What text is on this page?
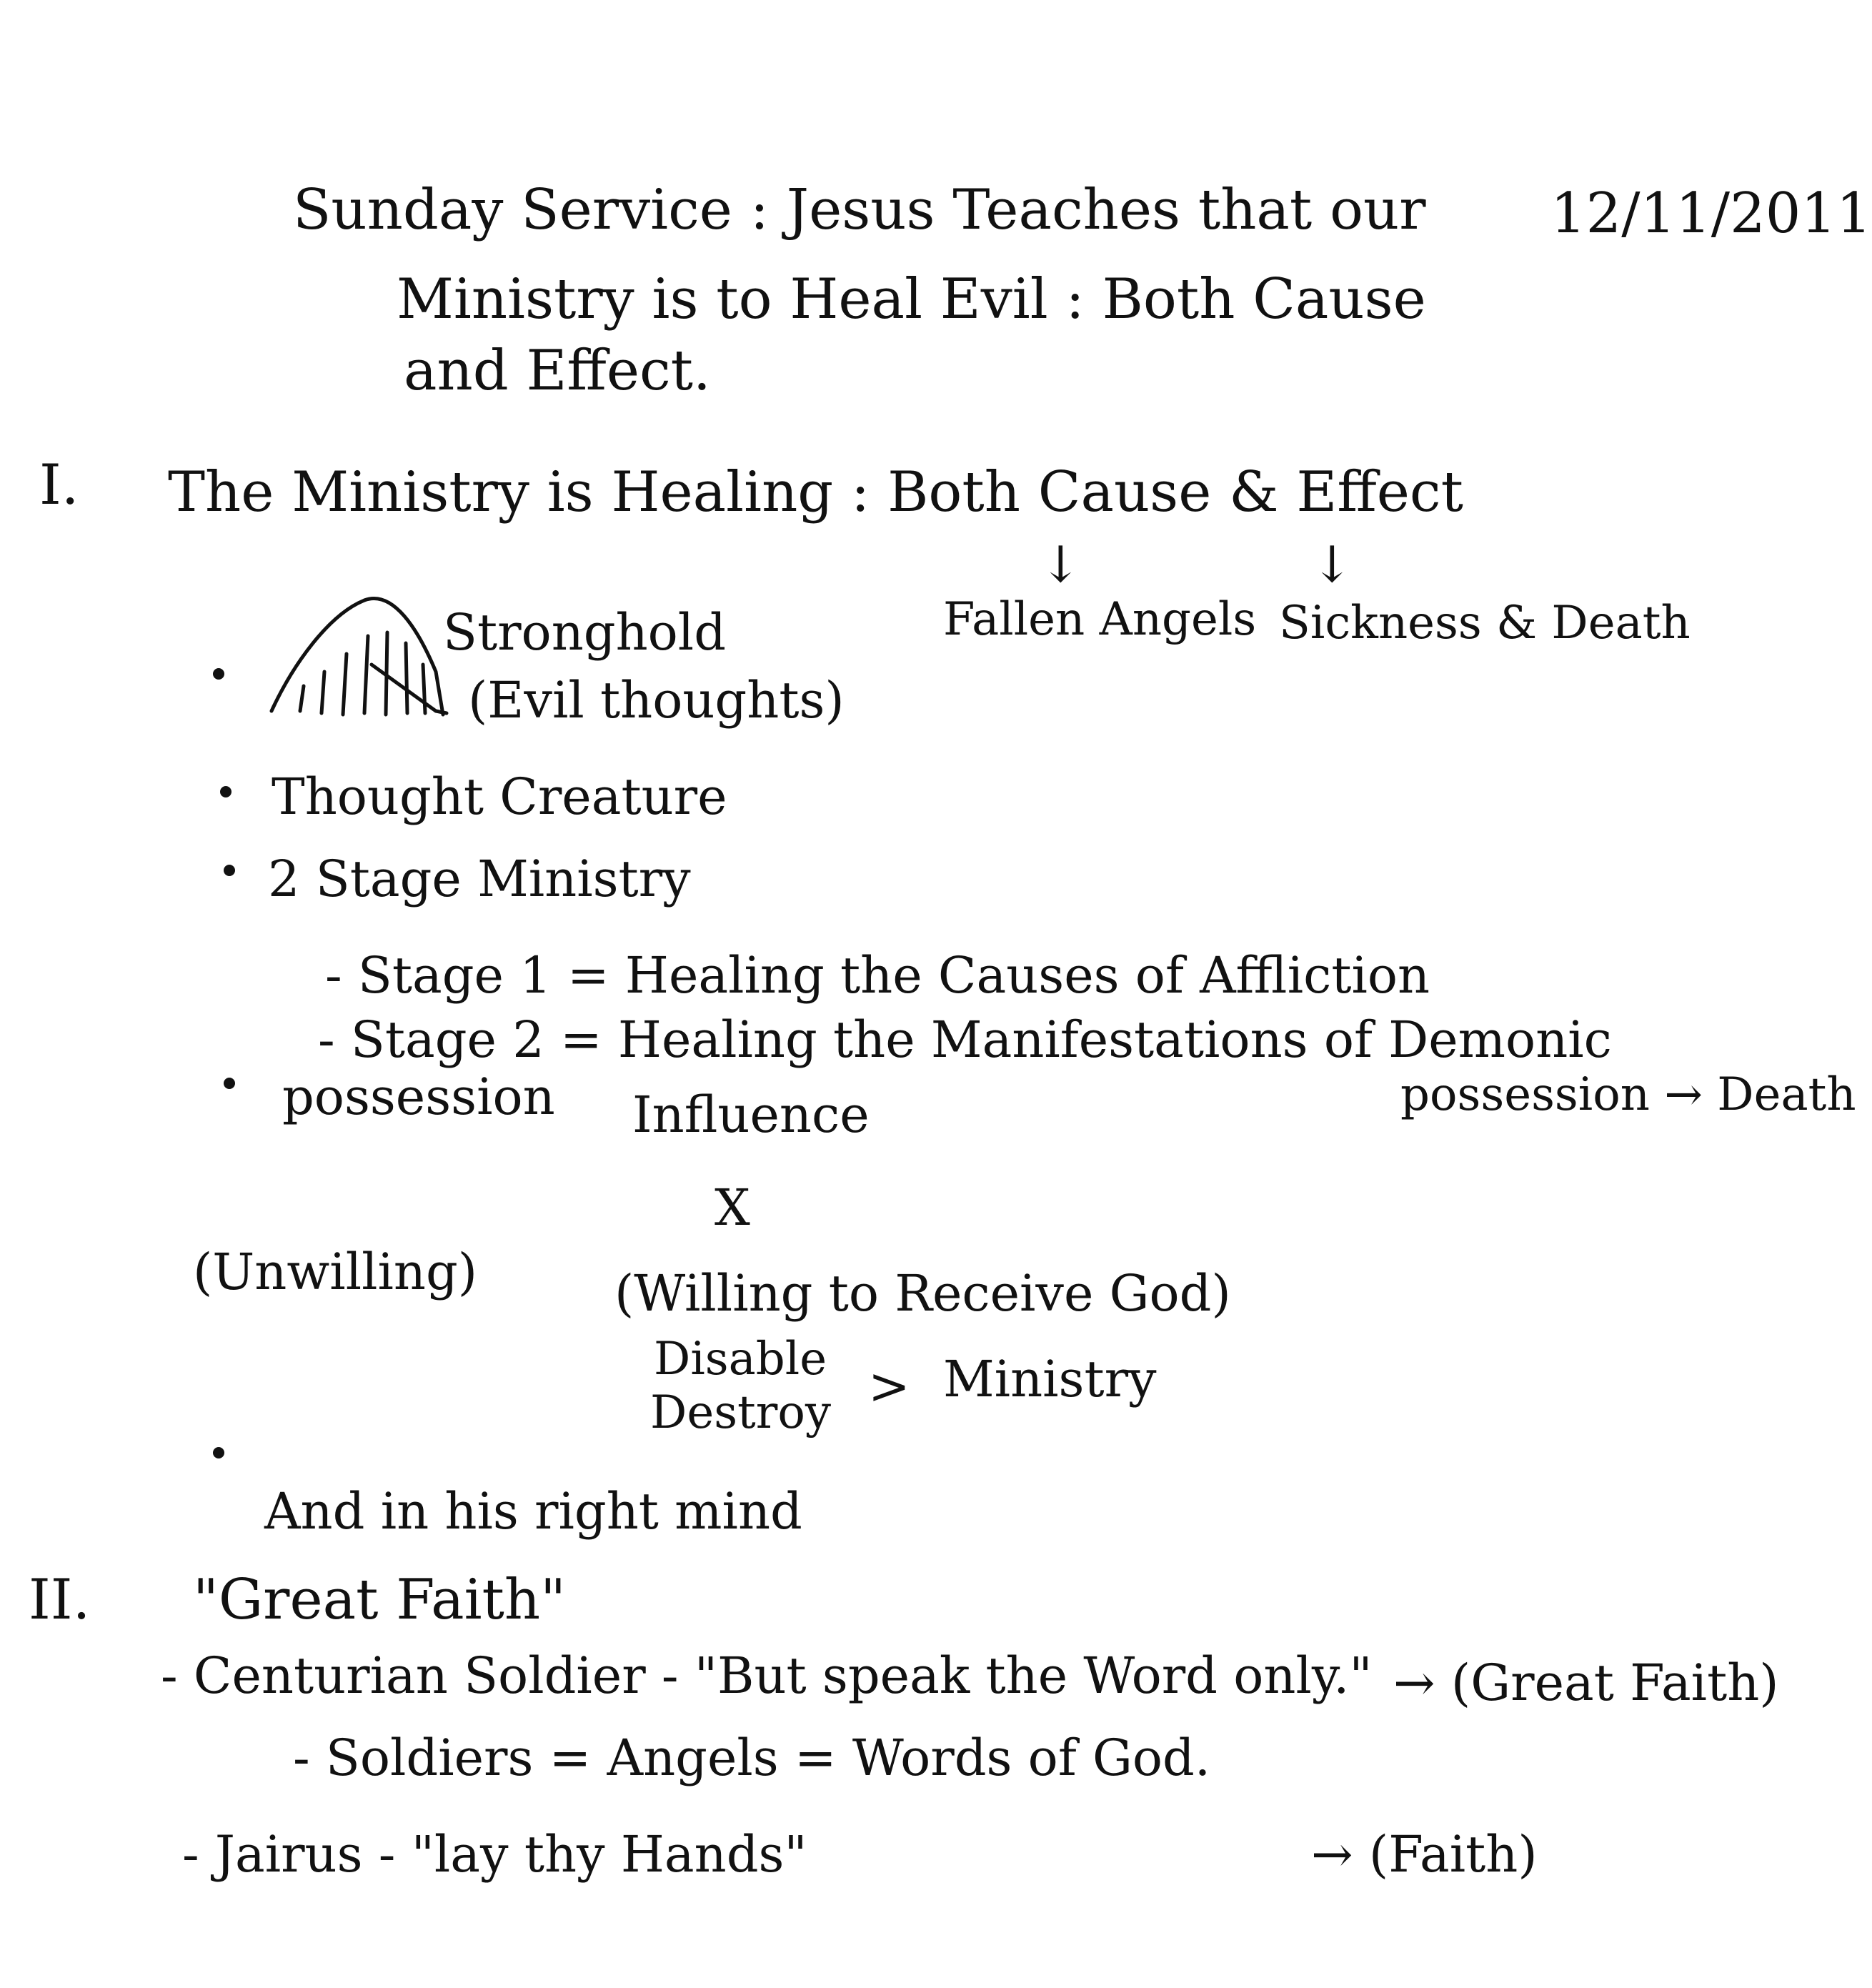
Sunday Service : Jesus Teaches that our 12/11/2011
Ministry is to Heal Evil : Both Cause
and Effect.
I. The Ministry is Healing : Both Cause & Effect
↓	↓
Fallen Angels Sickness & Death
Stronghold
(Evil thoughts)
Thought Creature
2 Stage Ministry
- Stage 1 = Healing the Causes of Affliction
- Stage 2 = Healing the Manifestations of Demonic
possession → Death
possession Influence
X
(Unwilling)	(Willing to Receive God)
Disable
Destroy > Ministry
And in his right mind
II. "Great Faith"
- Centurian Soldier - "But speak the Word only." → (Great Faith)
- Soldiers = Angels = Words of God.
- Jairus - "lay thy Hands"	→ (Faith)
